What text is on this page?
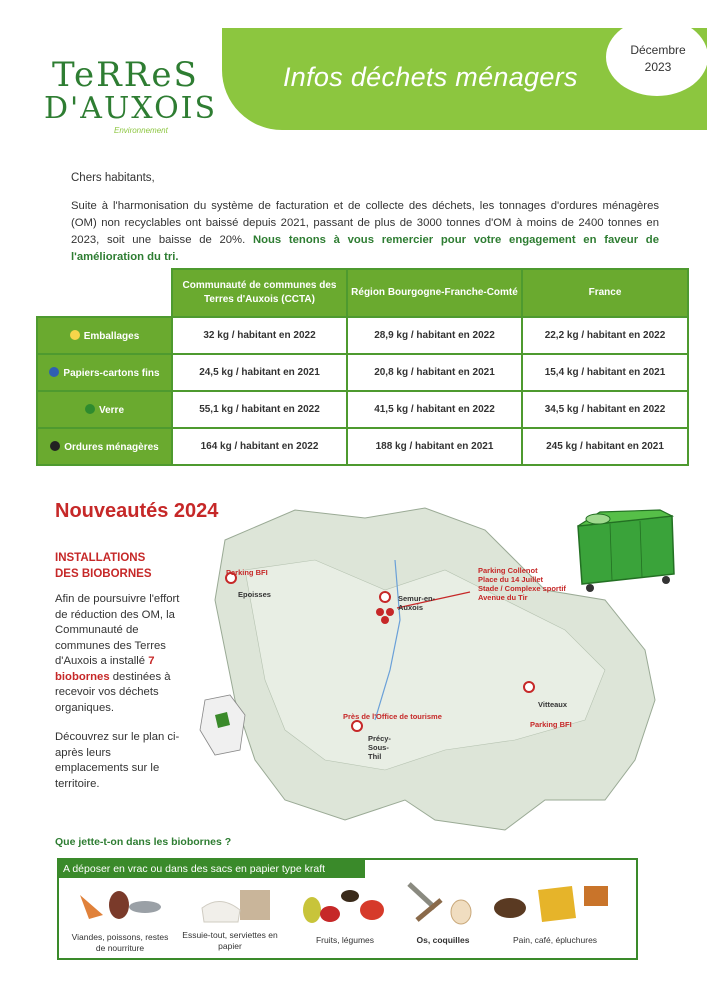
Infos déchets ménagers
Décembre
2023
TeRReS
D'AUXOIS
Environnement
Chers habitants,
Suite à l'harmonisation du système de facturation et de collecte des déchets, les tonnages d'ordures ménagères (OM) non recyclables ont baissé depuis 2021, passant de plus de 3000 tonnes d'OM à moins de 2400 tonnes en 2023, soit une baisse de 20%. Nous tenons à vous remercier pour votre engagement en faveur de l'amélioration du tri.
	Communauté de communes des Terres d'Auxois (CCTA)	Région Bourgogne-Franche-Comté	France
Emballages	32 kg / habitant en 2022	28,9 kg / habitant en 2022	22,2 kg / habitant en 2022
Papiers-cartons fins	24,5 kg / habitant en 2021	20,8 kg / habitant en 2021	15,4 kg / habitant en 2021
Verre	55,1 kg / habitant en 2022	41,5 kg / habitant en 2022	34,5 kg / habitant en 2022
Ordures ménagères	164 kg / habitant en 2022	188 kg / habitant en 2021	245 kg / habitant en 2021
Nouveautés 2024
INSTALLATIONS
DES BIOBORNES
Afin de poursuivre l'effort de réduction des OM, la Communauté de communes des Terres d'Auxois a installé 7 biobornes destinées à recevoir vos déchets organiques.
Découvrez sur le plan ci-après leurs emplacements sur le territoire.
Parking BFI
Epoisses	Semur-en-Auxois
Parking Collenot
Place du 14 Juillet
Stade / Complexe sportif
Avenue du Tir
Près de l'Office de tourisme
Précy-Sous-Thil
Vitteaux
Parking BFI
Que jette-t-on dans les biobornes ?
A déposer en vrac ou dans des sacs en papier type kraft
Viandes, poissons, restes de nourriture
Essuie-tout, serviettes en papier
Fruits, légumes	Os, coquilles	Pain, café, épluchures
